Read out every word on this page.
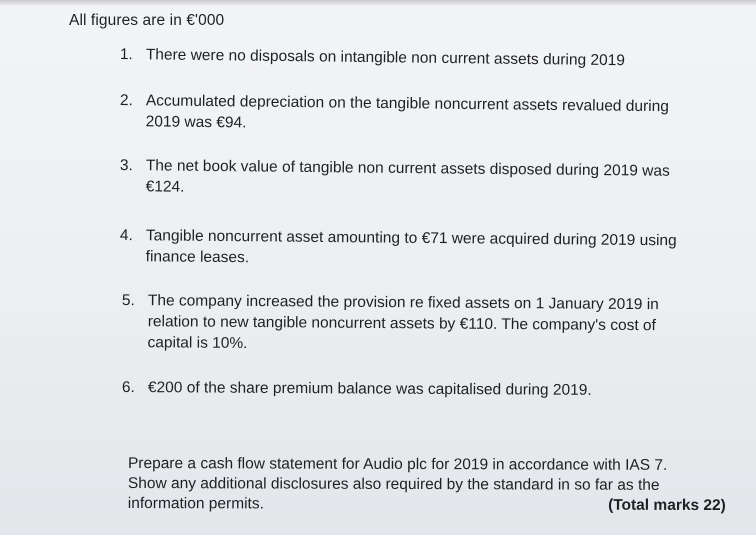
All figures are in €'000
1. There were no disposals on intangible non current assets during 2019
2. Accumulated depreciation on the tangible noncurrent assets revalued during
2019 was €94.
3. The net book value of tangible non current assets disposed during 2019 was
€124.
4. Tangible noncurrent asset amounting to €71 were acquired during 2019 using
finance leases.
5. The company increased the provision re fixed assets on 1 January 2019 in
relation to new tangible noncurrent assets by €110. The company's cost of
capital is 10%.
6. €200 of the share premium balance was capitalised during 2019.
Prepare a cash flow statement for Audio plc for 2019 in accordance with IAS 7.
Show any additional disclosures also required by the standard in so far as the
information permits.	(Total marks 22)
